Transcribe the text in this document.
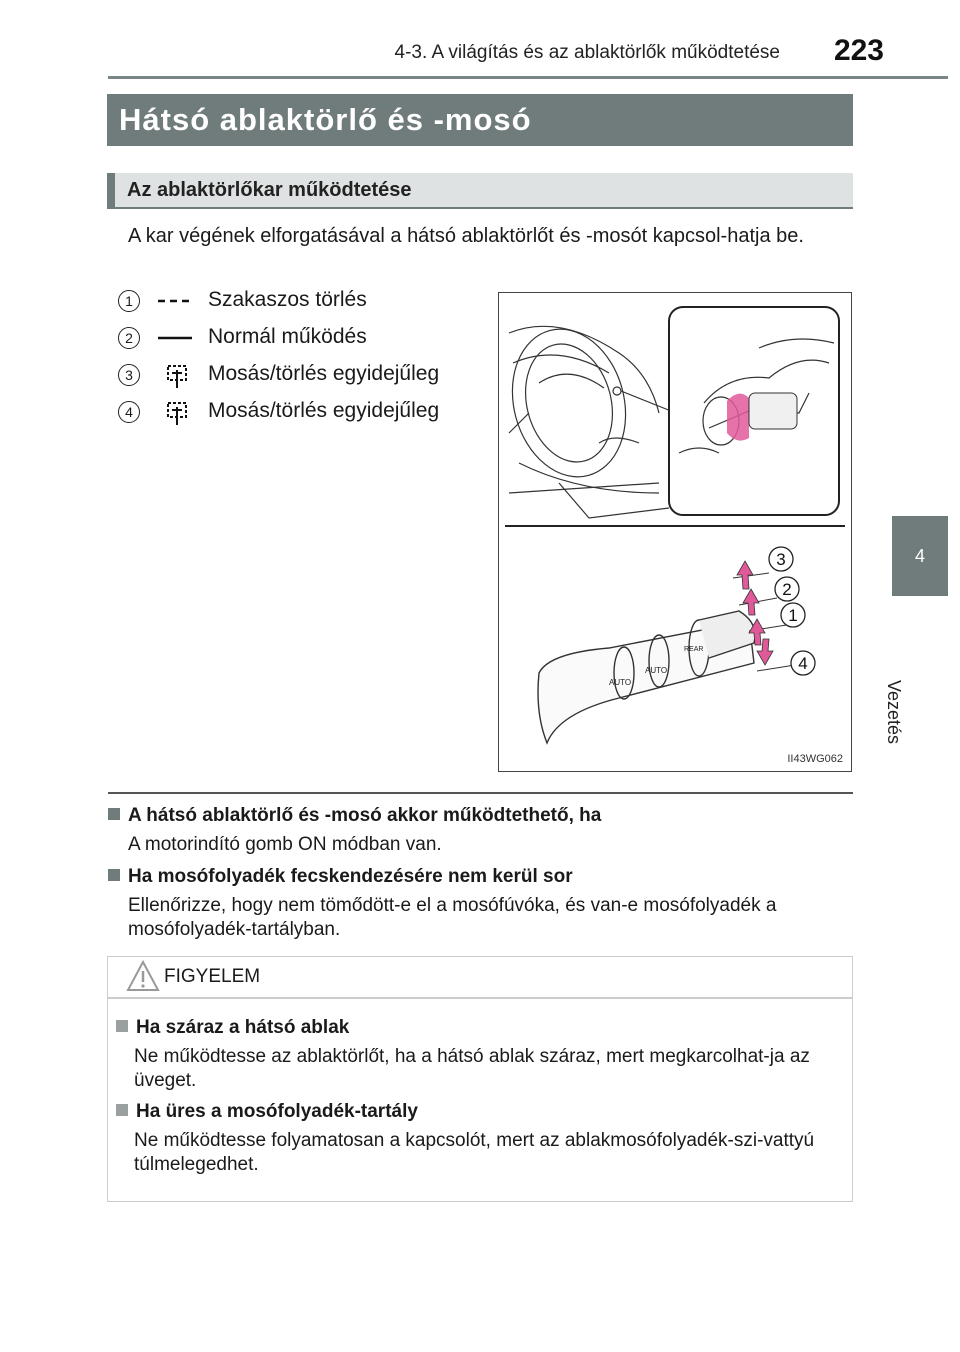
4-3. A világítás és az ablaktörlők működtetése	223
4
Vezetés
Hátsó ablaktörlő és -mosó
Az ablaktörlőkar működtetése
A kar végének elforgatásával a hátsó ablaktörlőt és -mosót kapcsol-hatja be.
1	Szakaszos törlés
2	Normál működés
3	Mosás/törlés egyidejűleg
4	Mosás/törlés egyidejűleg
AUTO
AUTO
REAR
3
2
1
4
II43WG062
A hátsó ablaktörlő és -mosó akkor működtethető, ha
A motorindító gomb ON módban van.
Ha mosófolyadék fecskendezésére nem kerül sor
Ellenőrizze, hogy nem tömődött-e el a mosófúvóka, és van-e mosófolyadék a mosófolyadék-tartályban.
FIGYELEM
Ha száraz a hátsó ablak
Ne működtesse az ablaktörlőt, ha a hátsó ablak száraz, mert megkarcolhat-ja az üveget.
Ha üres a mosófolyadék-tartály
Ne működtesse folyamatosan a kapcsolót, mert az ablakmosófolyadék-szi-vattyú túlmelegedhet.
